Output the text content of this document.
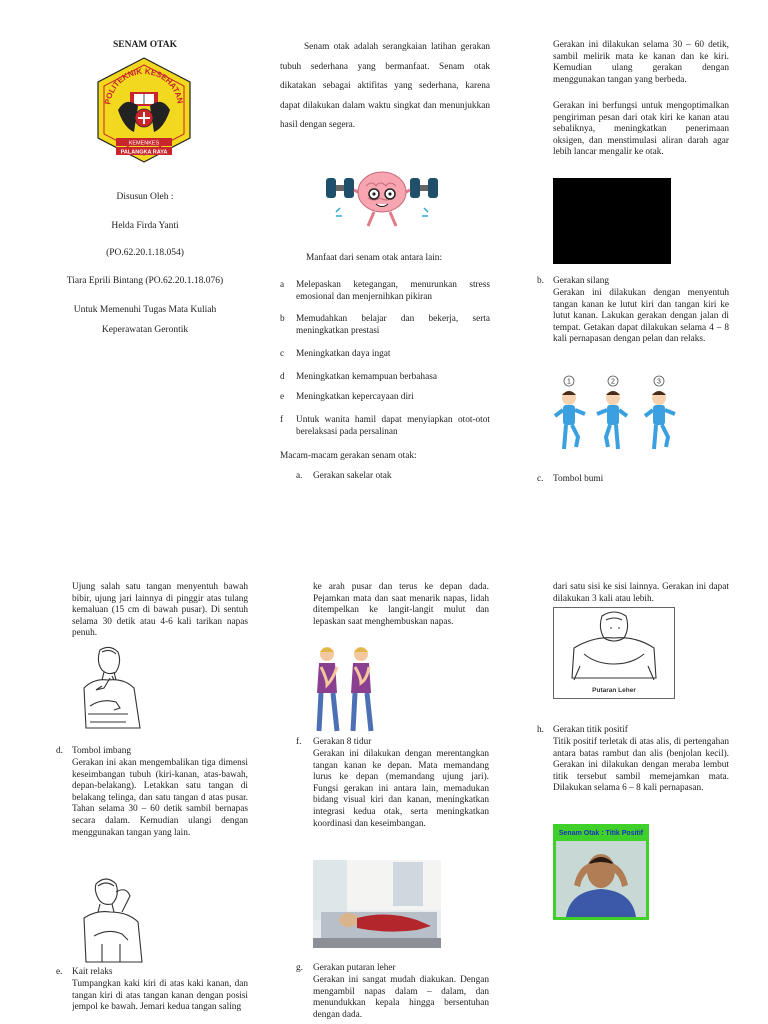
SENAM OTAK
POLITEKNIK KESEHATAN
KEMENKES
PALANGKA RAYA
Disusun Oleh :
Helda Firda Yanti
(PO.62.20.1.18.054)
Tiara Eprili Bintang (PO.62.20.1.18.076)
Untuk Memenuhi Tugas Mata Kuliah
Keperawatan Gerontik
Senam otak adalah serangkaian latihan gerakan tubuh sederhana yang bermanfaat. Senam otak dikatakan sebagai aktifitas yang sederhana, karena dapat dilakukan dalam waktu singkat dan menunjukkan hasil dengan segera.
Manfaat dari senam otak antara lain:
a	Melepaskan ketegangan, menurunkan stress emosional dan menjernihkan pikiran
b	Memudahkan belajar dan bekerja, serta meningkatkan prestasi
c	Meningkatkan daya ingat
d	Meningkatkan kemampuan berbahasa
e	Meningkatkan kepercayaan diri
f	Untuk wanita hamil dapat menyiapkan otot-otot berelaksasi pada persalinan
Macam-macam gerakan senam otak:
a. Gerakan sakelar otak
Gerakan ini dilakukan selama 30 – 60 detik, sambil melirik mata ke kanan dan ke kiri. Kemudian ulang gerakan dengan menggunakan tangan yang berbeda.
Gerakan ini berfungsi untuk mengoptimalkan pengiriman pesan dari otak kiri ke kanan atau sebaliknya, meningkatkan penerimaan oksigen, dan menstimulasi aliran darah agar lebih lancar mengalir ke otak.
b. Gerakan silang
Gerakan ini dilakukan dengan menyentuh tangan kanan ke lutut kiri dan tangan kiri ke lutut kanan. Lakukan gerakan dengan jalan di tempat. Getakan dapat dilakukan selama 4 – 8 kali pernapasan dengan pelan dan relaks.
1	2	3
c. Tombol bumi
Ujung salah satu tangan menyentuh bawah bibir, ujung jari lainnya di pinggir atas tulang kemaluan (15 cm di bawah pusar). Di sentuh selama 30 detik atau 4-6 kali tarikan napas penuh.
d. Tombol imbang
Gerakan ini akan mengembalikan tiga dimensi keseimbangan tubuh (kiri-kanan, atas-bawah, depan-belakang). Letakkan satu tangan di belakang telinga, dan satu tangan d atas pusar. Tahan selama 30 – 60 detik sambil bernapas secara dalam. Kemudian ulangi dengan menggunakan tangan yang lain.
e. Kait relaks
Tumpangkan kaki kiri di atas kaki kanan, dan tangan kiri di atas tangan kanan dengan posisi jempol ke bawah. Jemari kedua tangan saling
ke arah pusar dan terus ke depan dada. Pejamkan mata dan saat menarik napas, lidah ditempelkan ke langit-langit mulut dan lepaskan saat menghembuskan napas.
f. Gerakan 8 tidur
Gerakan ini dilakukan dengan merentangkan tangan kanan ke depan. Mata memandang lurus ke depan (memandang ujung jari). Fungsi gerakan ini antara lain, memadukan bidang visual kiri dan kanan, meningkatkan integrasi kedua otak, serta meningkatkan koordinasi dan keseimbangan.
g. Gerakan putaran leher
Gerakan ini sangat mudah diakukan. Dengan mengambil napas dalam – dalam, dan menundukkan kepala hingga bersentuhan dengan dada.
dari satu sisi ke sisi lainnya. Gerakan ini dapat dilakukan 3 kali atau lebih.
Putaran Leher
h. Gerakan titik positif
Titik positif terletak di atas alis, di pertengahan antara batas rambut dan alis (benjolan kecil). Gerakan ini dilakukan dengan meraba lembut titik tersebut sambil memejamkan mata. Dilakukan selama 6 – 8 kali pernapasan.
Senam Otak : Titik Positif
